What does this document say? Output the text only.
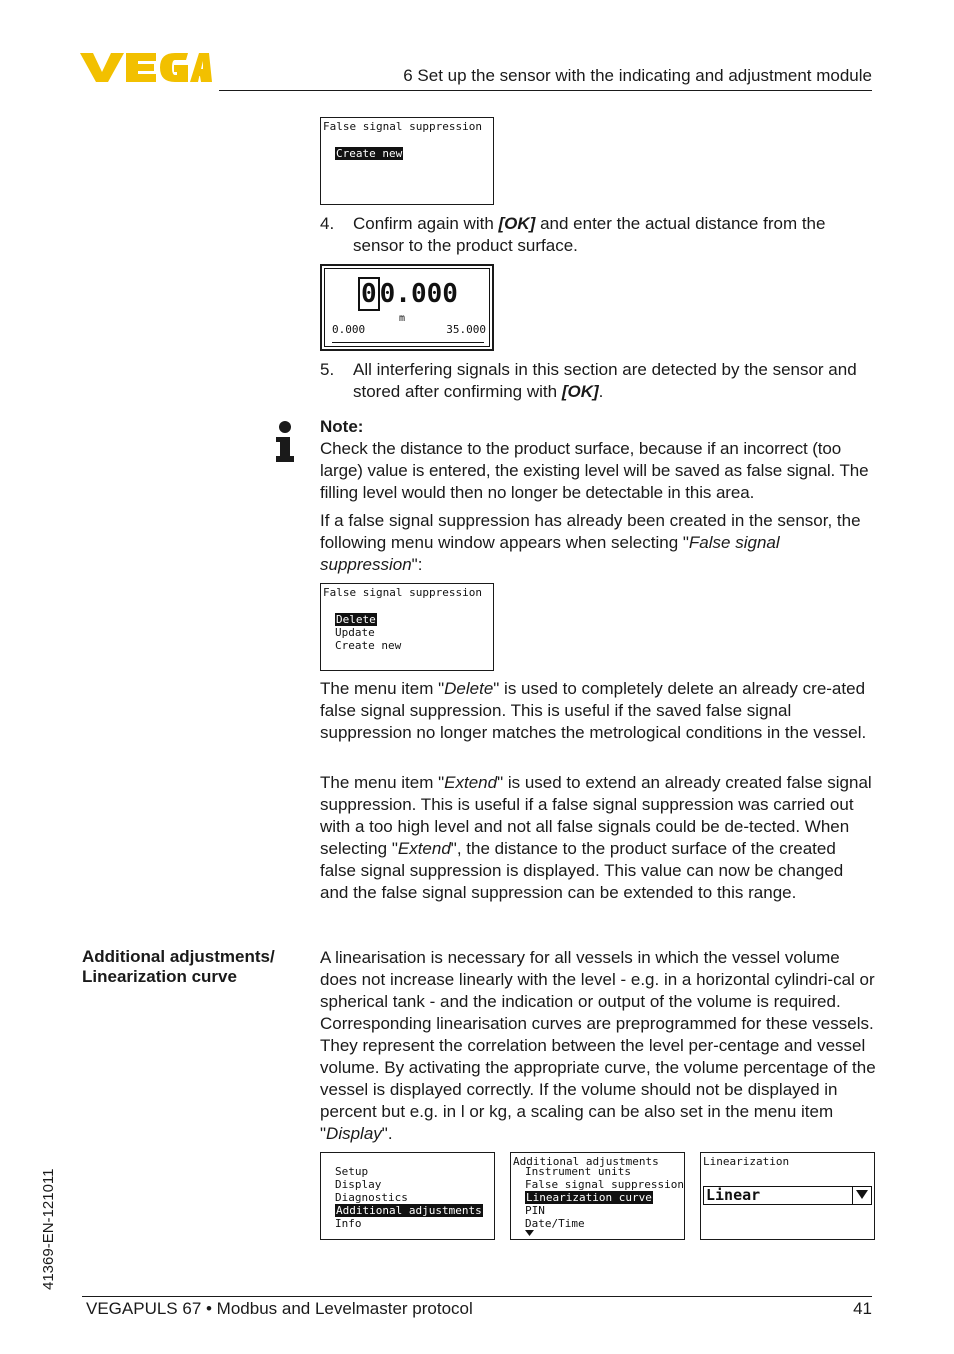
6 Set up the sensor with the indicating and adjustment module
False signal suppression
Create new
4. Confirm again with [OK] and enter the actual distance from the sensor to the product surface.
0 0.000
m
0.000	35.000
5. All interfering signals in this section are detected by the sensor and stored after confirming with [OK].

Note:

Check the distance to the product surface, because if an incorrect (too large) value is entered, the existing level will be saved as false signal. The filling level would then no longer be detectable in this area.

If a false signal suppression has already been created in the sensor, the following menu window appears when selecting "False signal suppression":

False signal suppression
Delete
Update
Create new

The menu item "Delete" is used to completely delete an already cre-ated false signal suppression. This is useful if the saved false signal suppression no longer matches the metrological conditions in the vessel.

The menu item "Extend" is used to extend an already created false signal suppression. This is useful if a false signal suppression was carried out with a too high level and not all false signals could be de-tected. When selecting "Extend", the distance to the product surface of the created false signal suppression is displayed. This value can now be changed and the false signal suppression can be extended to this range.

Additional adjustments/
Linearization curve

A linearisation is necessary for all vessels in which the vessel volume does not increase linearly with the level - e.g. in a horizontal cylindri-cal or spherical tank - and the indication or output of the volume is required. Corresponding linearisation curves are preprogrammed for these vessels. They represent the correlation between the level per-centage and vessel volume. By activating the appropriate curve, the volume percentage of the vessel is displayed correctly. If the volume should not be displayed in percent but e.g. in l or kg, a scaling can be also set in the menu item "Display".

Setup
Display
Diagnostics
Additional adjustments
Info
Additional adjustments
Instrument units
False signal suppression
Linearization curve
PIN
Date/Time
Linearization
Linear
41369-EN-121011
VEGAPULS 67 • Modbus and Levelmaster protocol	41
